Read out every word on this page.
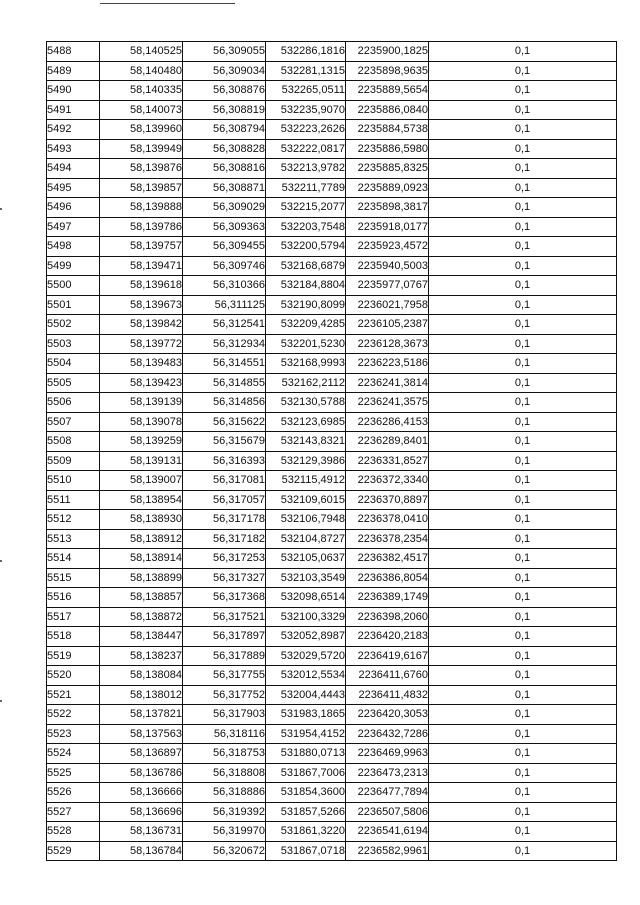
5488	58,140525	56,309055	532286,1816	2235900,1825	0,1
5489	58,140480	56,309034	532281,1315	2235898,9635	0,1
5490	58,140335	56,308876	532265,0511	2235889,5654	0,1
5491	58,140073	56,308819	532235,9070	2235886,0840	0,1
5492	58,139960	56,308794	532223,2626	2235884,5738	0,1
5493	58,139949	56,308828	532222,0817	2235886,5980	0,1
5494	58,139876	56,308816	532213,9782	2235885,8325	0,1
5495	58,139857	56,308871	532211,7789	2235889,0923	0,1
5496	58,139888	56,309029	532215,2077	2235898,3817	0,1
5497	58,139786	56,309363	532203,7548	2235918,0177	0,1
5498	58,139757	56,309455	532200,5794	2235923,4572	0,1
5499	58,139471	56,309746	532168,6879	2235940,5003	0,1
5500	58,139618	56,310366	532184,8804	2235977,0767	0,1
5501	58,139673	56,311125	532190,8099	2236021,7958	0,1
5502	58,139842	56,312541	532209,4285	2236105,2387	0,1
5503	58,139772	56,312934	532201,5230	2236128,3673	0,1
5504	58,139483	56,314551	532168,9993	2236223,5186	0,1
5505	58,139423	56,314855	532162,2112	2236241,3814	0,1
5506	58,139139	56,314856	532130,5788	2236241,3575	0,1
5507	58,139078	56,315622	532123,6985	2236286,4153	0,1
5508	58,139259	56,315679	532143,8321	2236289,8401	0,1
5509	58,139131	56,316393	532129,3986	2236331,8527	0,1
5510	58,139007	56,317081	532115,4912	2236372,3340	0,1
5511	58,138954	56,317057	532109,6015	2236370,8897	0,1
5512	58,138930	56,317178	532106,7948	2236378,0410	0,1
5513	58,138912	56,317182	532104,8727	2236378,2354	0,1
5514	58,138914	56,317253	532105,0637	2236382,4517	0,1
5515	58,138899	56,317327	532103,3549	2236386,8054	0,1
5516	58,138857	56,317368	532098,6514	2236389,1749	0,1
5517	58,138872	56,317521	532100,3329	2236398,2060	0,1
5518	58,138447	56,317897	532052,8987	2236420,2183	0,1
5519	58,138237	56,317889	532029,5720	2236419,6167	0,1
5520	58,138084	56,317755	532012,5534	2236411,6760	0,1
5521	58,138012	56,317752	532004,4443	2236411,4832	0,1
5522	58,137821	56,317903	531983,1865	2236420,3053	0,1
5523	58,137563	56,318116	531954,4152	2236432,7286	0,1
5524	58,136897	56,318753	531880,0713	2236469,9963	0,1
5525	58,136786	56,318808	531867,7006	2236473,2313	0,1
5526	58,136666	56,318886	531854,3600	2236477,7894	0,1
5527	58,136696	56,319392	531857,5266	2236507,5806	0,1
5528	58,136731	56,319970	531861,3220	2236541,6194	0,1
5529	58,136784	56,320672	531867,0718	2236582,9961	0,1
